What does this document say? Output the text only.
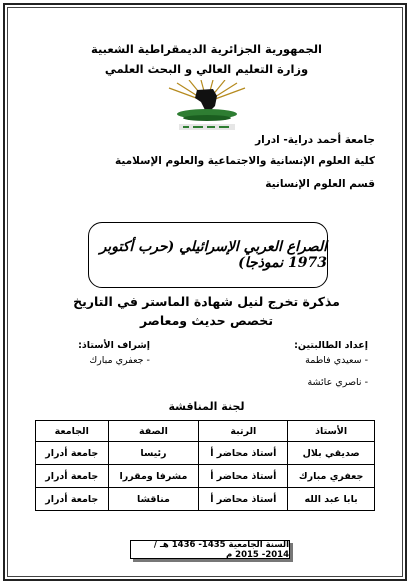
الجمهورية الجزائرية الديمقراطية الشعبية
وزارة التعليم العالي و البحث العلمي
جامعة أحمد دراية- ادرار
كلية العلوم الإنسانية والاجتماعية والعلوم الإسلامية
قسم العلوم الإنسانية
الصراع العربي الإسرائيلي (حرب أكتوبر 1973 نموذجا)
مذكرة تخرج لنيل شهادة الماستر في التاريخ
تخصص حديث ومعاصر
إعداد الطالبتين:
- سعيدي فاطمة
- ناصري عائشة
إشراف الأستاذ:
- جعفري مبارك
لجنة المناقشة
الأستاذ	الرتبة	الصفة	الجامعة
صديقي بلال	أستاذ محاضر أ	رئيسا	جامعة أدرار
جعفري مبارك	أستاذ محاضر أ	مشرفا ومقررا	جامعة أدرار
بابا عبد الله	أستاذ محاضر أ	مناقشا	جامعة أدرار
السنة الجامعية 1435- 1436 هـ / 2014- 2015 م
